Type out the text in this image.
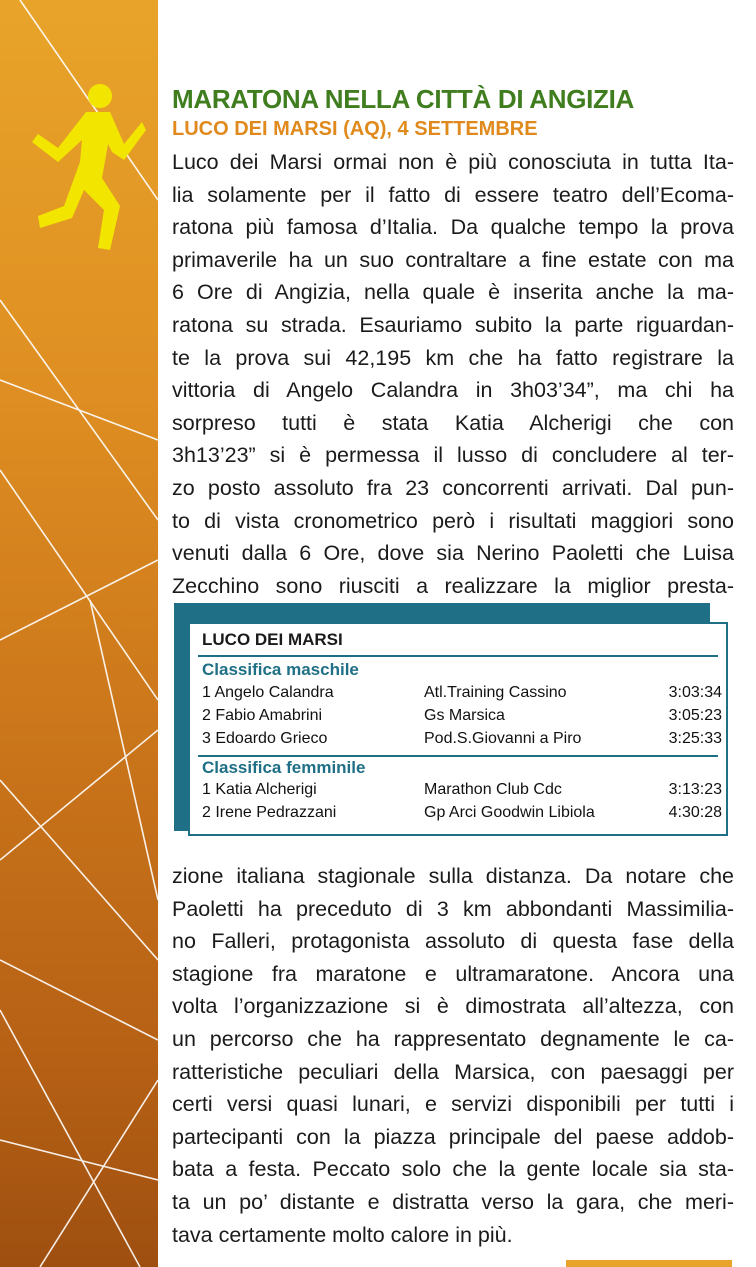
MARATONA NELLA CITTÀ DI ANGIZIA
LUCO DEI MARSI (AQ), 4 SETTEMBRE
Luco dei Marsi ormai non è più conosciuta in tutta Ita-
lia solamente per il fatto di essere teatro dell’Ecoma-
ratona più famosa d’Italia. Da qualche tempo la prova
primaverile ha un suo contraltare a fine estate con ma
6 Ore di Angizia, nella quale è inserita anche la ma-
ratona su strada. Esauriamo subito la parte riguardan-
te la prova sui 42,195 km che ha fatto registrare la
vittoria di Angelo Calandra in 3h03’34”, ma chi ha
sorpreso tutti è stata Katia Alcherigi che con
3h13’23” si è permessa il lusso di concludere al ter-
zo posto assoluto fra 23 concorrenti arrivati. Dal pun-
to di vista cronometrico però i risultati maggiori sono
venuti dalla 6 Ore, dove sia Nerino Paoletti che Luisa
Zecchino sono riusciti a realizzare la miglior presta-
LUCO DEI MARSI
Classifica maschile
1 Angelo Calandra	Atl.Training Cassino	3:03:34
2 Fabio Amabrini	Gs Marsica	3:05:23
3 Edoardo Grieco	Pod.S.Giovanni a Piro	3:25:33
Classifica femminile
1 Katia Alcherigi	Marathon Club Cdc	3:13:23
2 Irene Pedrazzani	Gp Arci Goodwin Libiola	4:30:28
zione italiana stagionale sulla distanza. Da notare che
Paoletti ha preceduto di 3 km abbondanti Massimilia-
no Falleri, protagonista assoluto di questa fase della
stagione fra maratone e ultramaratone. Ancora una
volta l’organizzazione si è dimostrata all’altezza, con
un percorso che ha rappresentato degnamente le ca-
ratteristiche peculiari della Marsica, con paesaggi per
certi versi quasi lunari, e servizi disponibili per tutti i
partecipanti con la piazza principale del paese addob-
bata a festa. Peccato solo che la gente locale sia sta-
ta un po’ distante e distratta verso la gara, che meri-
tava certamente molto calore in più.
